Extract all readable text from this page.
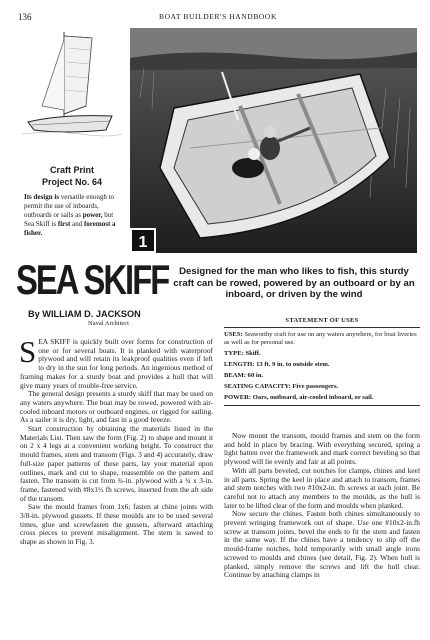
136	BOAT BUILDER'S HANDBOOK
1
Craft Print
Project No. 64
Its design is versatile enough to permit the use of inboards, outboards or sails as power, but Sea Skiff is first and foremost a fisher.
SEA SKIFF	Designed for the man who likes to fish, this sturdy craft can be rowed, powered by an outboard or by an inboard, or driven by the wind
By WILLIAM D. JACKSON
Naval Architect

SEA SKIFF is quickly built over forms for construction of one or for several boats. It is planked with waterproof plywood and will retain its leakproof qualities even if left to dry in the sun for long periods. An ingenious method of framing makes for a sturdy boat and provides a hull that will give many years of trouble-free service.

The general design presents a sturdy skiff that may be used on any waters anywhere. The boat may be rowed, powered with air-cooled inboard motors or outboard engines, or rigged for sailing. As a sailer it is dry, light, and fast in a good breeze.

Start construction by obtaining the materials listed in the Materials List. Then saw the form (Fig. 2) to shape and mount it on 2 x 4 legs at a convenient working height. To construct the mould frames, stem and transom (Figs. 3 and 4) accurately, draw full-size paper patterns of these parts, lay your material upon outlines, mark and cut to shape, reassemble on the pattern and fasten. The transom is cut from ¾-in. plywood with a ¾ x 3-in. frame, fastened with #8x1½ fh screws, inserted from the aft side of the transom.

Saw the mould frames from 1x6; fasten at chine joints with 3/8-in. plywood gussets. If these moulds are to be used several times, glue and screwfasten the gussets, afterward attaching cross pieces to prevent misalignment. The stem is sawed to shape as shown in Fig. 3.

STATEMENT OF USES
USES: Seaworthy craft for use on any waters anywhere, for boat liveries as well as for personal use.
TYPE: Skiff.
LENGTH: 13 ft. 9 in. to outside stem.
BEAM: 60 in.
SEATING CAPACITY: Five passengers.
POWER: Oars, outboard, air-cooled inboard, or sail.

Now mount the transom, mould frames and stem on the form and hold in place by bracing. With everything secured, spring a light batten over the framework and mark correct beveling so that plywood will lie evenly and fair at all points.

With all parts beveled, cut notches for clamps, chines and keel in all parts. Spring the keel in place and attach to transom, frames and stem notches with two #10x2-in. fh screws at each joint. Be careful not to attach any members to the moulds, as the hull is later to be lifted clear of the form and moulds when planked.

Now secure the chines. Fasten both chines simultaneously to prevent wringing framework out of shape. Use one #10x2-in.fh screw at transom joints, bevel the ends to fit the stem and fasten in the same way. If the chines have a tendency to slip off the mould-frame notches, hold temporarily with small angle irons screwed to moulds and chines (see detail, Fig. 2). When hull is planked, simply remove the screws and lift the hull clear. Continue by attaching clamps in
